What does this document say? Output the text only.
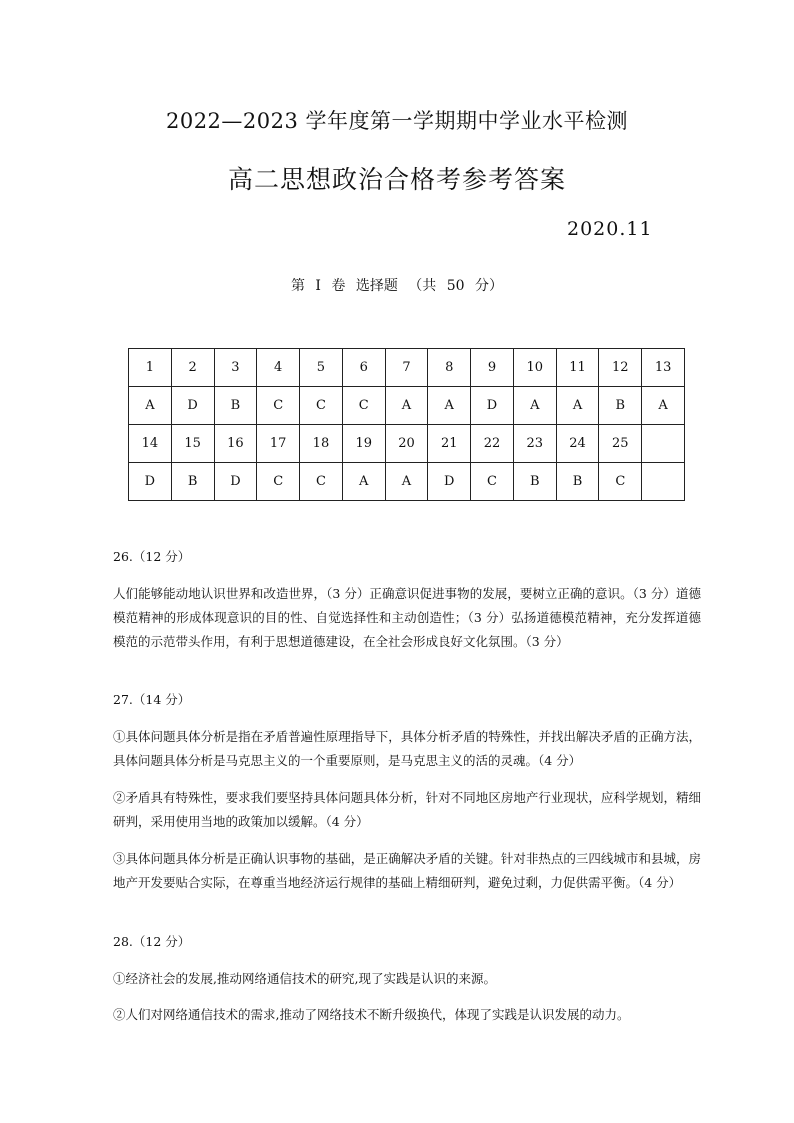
2022—2023 学年度第一学期期中学业水平检测

高二思想政治合格考参考答案

2020.11

第 I 卷 选择题 （共 50 分）

1	2	3	4	5	6	7	8	9	10	11	12	13
A	D	B	C	C	C	A	A	D	A	A	B	A
14	15	16	17	18	19	20	21	22	23	24	25	
D	B	D	C	C	A	A	D	C	B	B	C	

26.（12 分）

人们能够能动地认识世界和改造世界，（3 分）正确意识促进事物的发展，要树立正确的意识。（3 分）道德模范精神的形成体现意识的目的性、自觉选择性和主动创造性；（3 分）弘扬道德模范精神，充分发挥道德模范的示范带头作用，有利于思想道德建设，在全社会形成良好文化氛围。（3 分）

27.（14 分）

①具体问题具体分析是指在矛盾普遍性原理指导下，具体分析矛盾的特殊性，并找出解决矛盾的正确方法，具体问题具体分析是马克思主义的一个重要原则，是马克思主义的活的灵魂。（4 分）

②矛盾具有特殊性，要求我们要坚持具体问题具体分析，针对不同地区房地产行业现状，应科学规划，精细研判，采用使用当地的政策加以缓解。（4 分）

③具体问题具体分析是正确认识事物的基础，是正确解决矛盾的关键。针对非热点的三四线城市和县城，房地产开发要贴合实际，在尊重当地经济运行规律的基础上精细研判，避免过剩，力促供需平衡。（4 分）

28.（12 分）

①经济社会的发展,推动网络通信技术的研究,现了实践是认识的来源。

②人们对网络通信技术的需求,推动了网络技术不断升级换代，体现了实践是认识发展的动力。
